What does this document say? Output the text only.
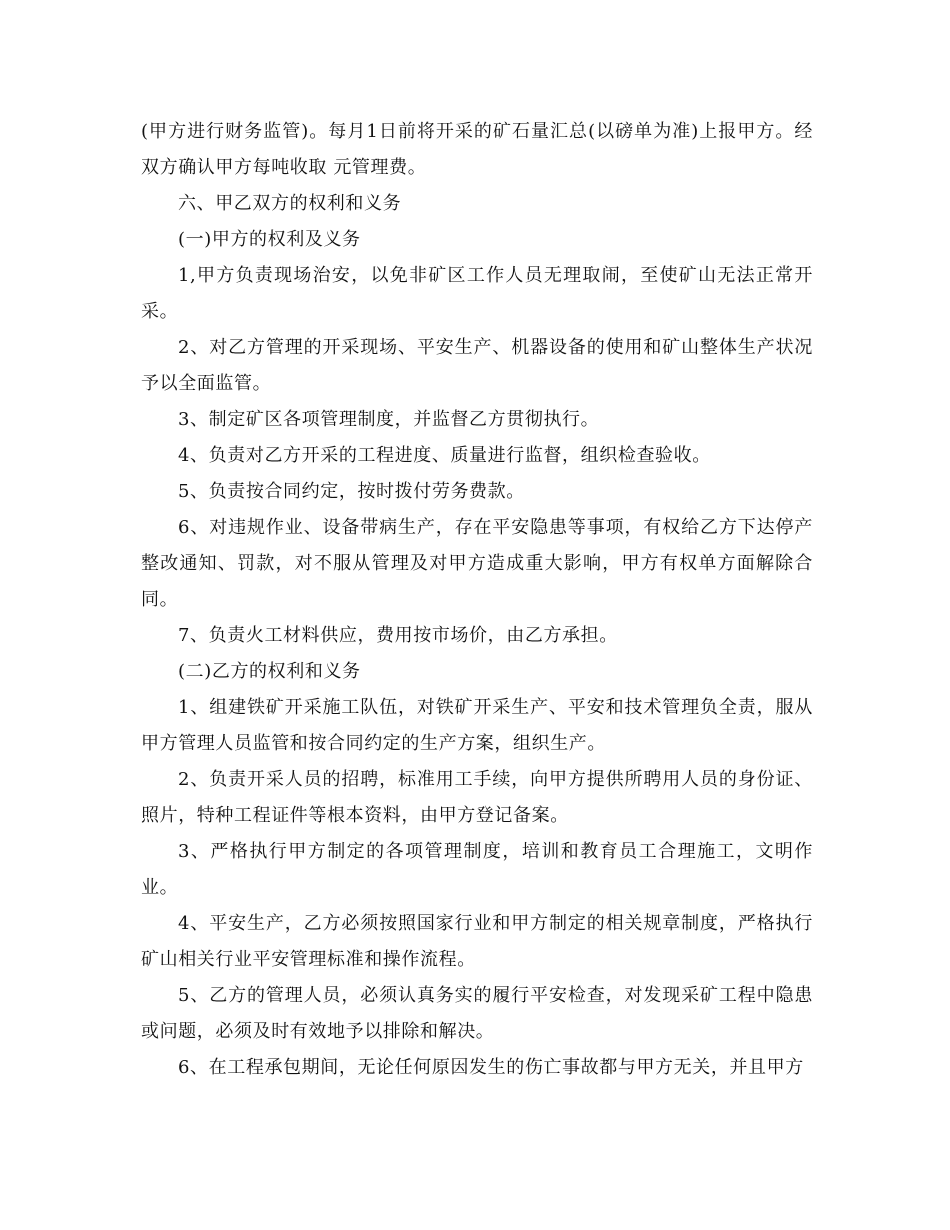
(甲方进行财务监管)。每月1日前将开采的矿石量汇总(以磅单为准)上报甲方。经双方确认甲方每吨收取 元管理费。

六、甲乙双方的权利和义务

(一)甲方的权利及义务

1,甲方负责现场治安，以免非矿区工作人员无理取闹，至使矿山无法正常开采。

2、对乙方管理的开采现场、平安生产、机器设备的使用和矿山整体生产状况予以全面监管。

3、制定矿区各项管理制度，并监督乙方贯彻执行。

4、负责对乙方开采的工程进度、质量进行监督，组织检查验收。

5、负责按合同约定，按时拨付劳务费款。

6、对违规作业、设备带病生产，存在平安隐患等事项，有权给乙方下达停产整改通知、罚款，对不服从管理及对甲方造成重大影响，甲方有权单方面解除合同。

7、负责火工材料供应，费用按市场价，由乙方承担。

(二)乙方的权利和义务

1、组建铁矿开采施工队伍，对铁矿开采生产、平安和技术管理负全责，服从甲方管理人员监管和按合同约定的生产方案，组织生产。

2、负责开采人员的招聘，标准用工手续，向甲方提供所聘用人员的身份证、照片，特种工程证件等根本资料，由甲方登记备案。

3、严格执行甲方制定的各项管理制度，培训和教育员工合理施工，文明作业。

4、平安生产，乙方必须按照国家行业和甲方制定的相关规章制度，严格执行矿山相关行业平安管理标准和操作流程。

5、乙方的管理人员，必须认真务实的履行平安检查，对发现采矿工程中隐患或问题，必须及时有效地予以排除和解决。

6、在工程承包期间，无论任何原因发生的伤亡事故都与甲方无关，并且甲方
